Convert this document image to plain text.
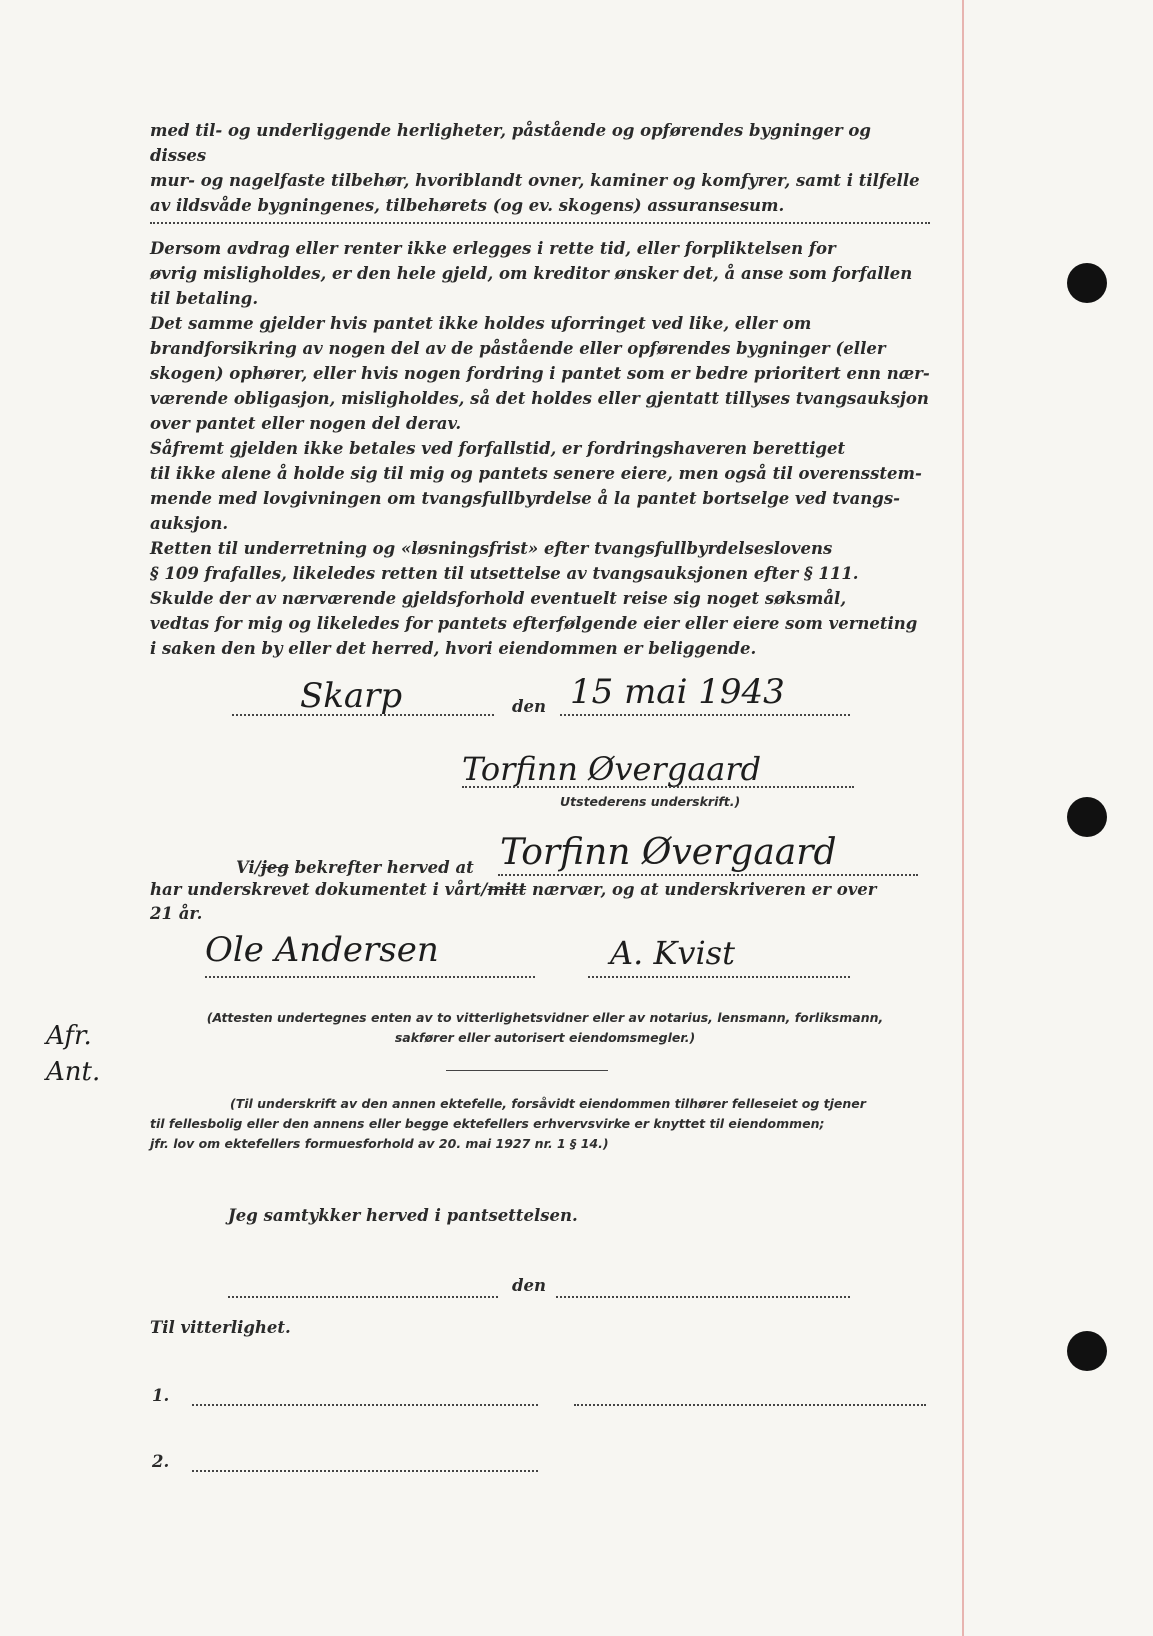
med til- og underliggende herligheter, påstående og opførendes bygninger og disses
mur- og nagelfaste tilbehør, hvoriblandt ovner, kaminer og komfyrer, samt i tilfelle
av ildsvåde bygningenes, tilbehørets (og ev. skogens) assuransesum.
Dersom avdrag eller renter ikke erlegges i rette tid, eller forpliktelsen for
øvrig misligholdes, er den hele gjeld, om kreditor ønsker det, å anse som forfallen
til betaling.
Det samme gjelder hvis pantet ikke holdes uforringet ved like, eller om
brandforsikring av nogen del av de påstående eller opførendes bygninger (eller
skogen) ophører, eller hvis nogen fordring i pantet som er bedre prioritert enn nær-
værende obligasjon, misligholdes, så det holdes eller gjentatt tillyses tvangsauksjon
over pantet eller nogen del derav.
Såfremt gjelden ikke betales ved forfallstid, er fordringshaveren berettiget
til ikke alene å holde sig til mig og pantets senere eiere, men også til overensstem-
mende med lovgivningen om tvangsfullbyrdelse å la pantet bortselge ved tvangs-
auksjon.
Retten til underretning og «løsningsfrist» efter tvangsfullbyrdelseslovens
§ 109 frafalles, likeledes retten til utsettelse av tvangsauksjonen efter § 111.
Skulde der av nærværende gjeldsforhold eventuelt reise sig noget søksmål,
vedtas for mig og likeledes for pantets efterfølgende eier eller eiere som verneting
i saken den by eller det herred, hvori eiendommen er beliggende.
Skarp	den 15 mai 1943
Torfinn Øvergaard
Utstederens underskrift.)
Vi/jeg bekrefter herved at Torfinn Øvergaard
har underskrevet dokumentet i vårt/mitt nærvær, og at underskriveren er over
21 år.
Ole Andersen	A. Kvist
Afr.
Ant.
(Attesten undertegnes enten av to vitterlighetsvidner eller av notarius, lensmann, forliksmann,
sakfører eller autorisert eiendomsmegler.)
(Til underskrift av den annen ektefelle, forsåvidt eiendommen tilhører felleseiet og tjener
til fellesbolig eller den annens eller begge ektefellers erhvervsvirke er knyttet til eiendommen;
jfr. lov om ektefellers formuesforhold av 20. mai 1927 nr. 1 § 14.)
Jeg samtykker herved i pantsettelsen.
den
Til vitterlighet.
1.
2.
